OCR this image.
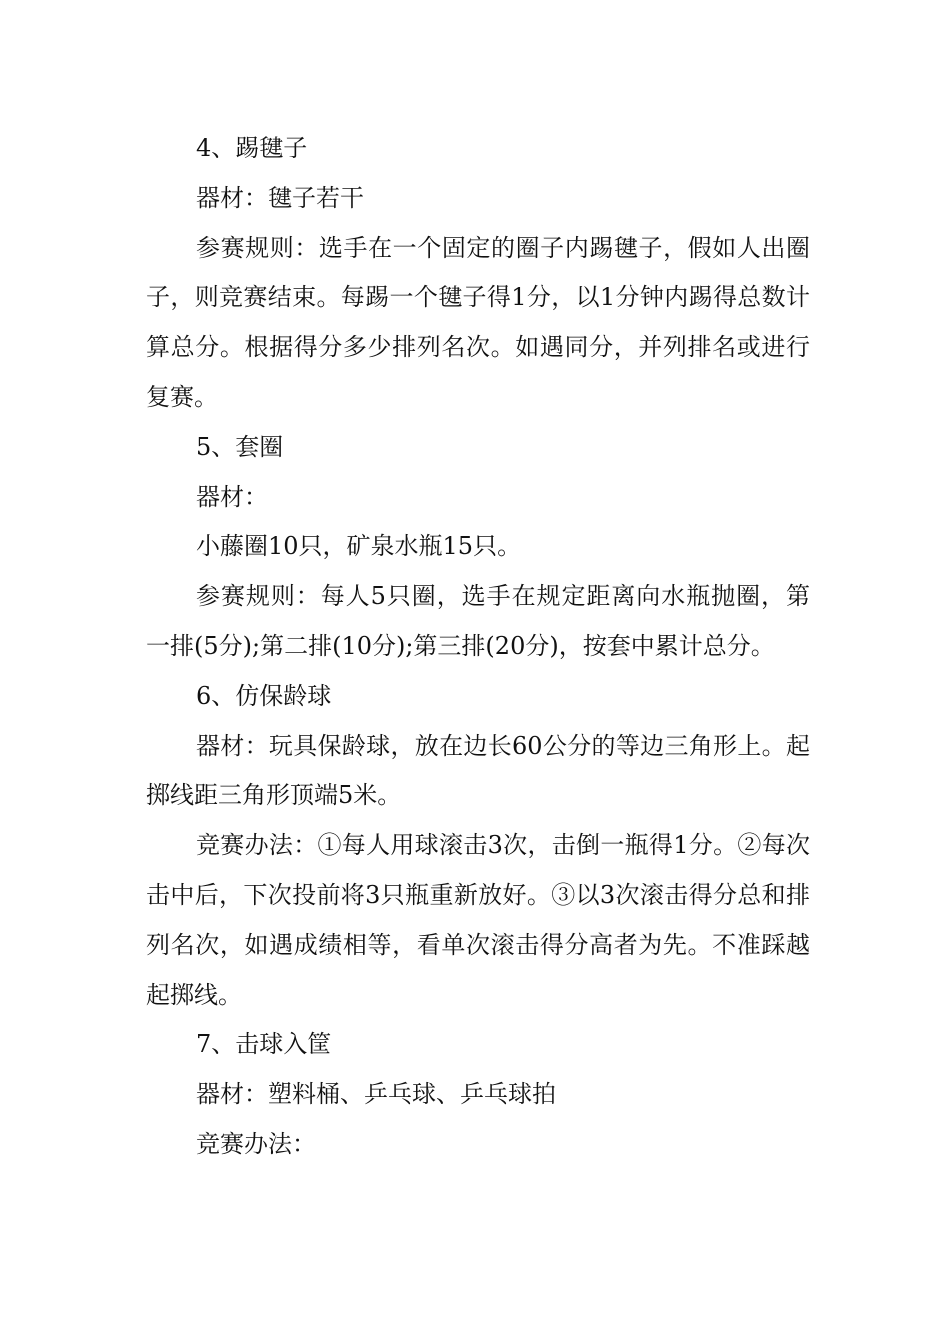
4、踢毽子

器材：毽子若干

参赛规则：选手在一个固定的圈子内踢毽子，假如人出圈子，则竞赛结束。每踢一个毽子得1分，以1分钟内踢得总数计算总分。根据得分多少排列名次。如遇同分，并列排名或进行复赛。

5、套圈

器材：

小藤圈10只，矿泉水瓶15只。

参赛规则：每人5只圈，选手在规定距离向水瓶抛圈，第一排(5分);第二排(10分);第三排(20分)，按套中累计总分。

6、仿保龄球

器材：玩具保龄球，放在边长60公分的等边三角形上。起掷线距三角形顶端5米。

竞赛办法：①每人用球滚击3次，击倒一瓶得1分。②每次击中后，下次投前将3只瓶重新放好。③以3次滚击得分总和排列名次，如遇成绩相等，看单次滚击得分高者为先。不准踩越起掷线。

7、击球入筐

器材：塑料桶、乒乓球、乒乓球拍

竞赛办法：
